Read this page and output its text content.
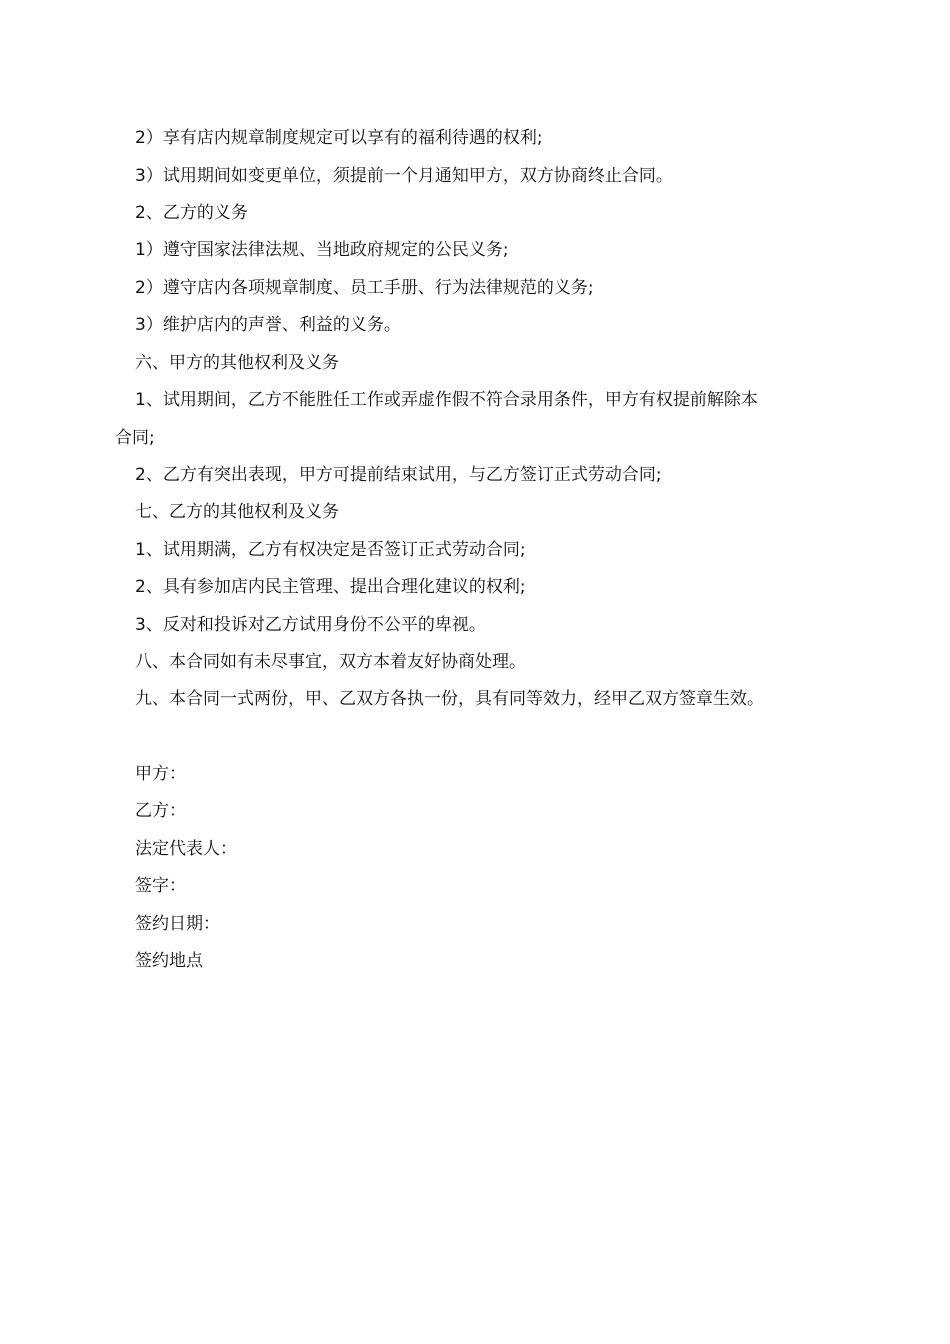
2）享有店内规章制度规定可以享有的福利待遇的权利;

3）试用期间如变更单位，须提前一个月通知甲方，双方协商终止合同。

2、乙方的义务

1）遵守国家法律法规、当地政府规定的公民义务;

2）遵守店内各项规章制度、员工手册、行为法律规范的义务;

3）维护店内的声誉、利益的义务。

六、甲方的其他权利及义务

1、试用期间，乙方不能胜任工作或弄虚作假不符合录用条件，甲方有权提前解除本

合同;

2、乙方有突出表现，甲方可提前结束试用，与乙方签订正式劳动合同;

七、乙方的其他权利及义务

1、试用期满，乙方有权决定是否签订正式劳动合同;

2、具有参加店内民主管理、提出合理化建议的权利;

3、反对和投诉对乙方试用身份不公平的卑视。

八、本合同如有未尽事宜，双方本着友好协商处理。

九、本合同一式两份，甲、乙双方各执一份，具有同等效力，经甲乙双方签章生效。

甲方：

乙方：

法定代表人：

签字：

签约日期：

签约地点
